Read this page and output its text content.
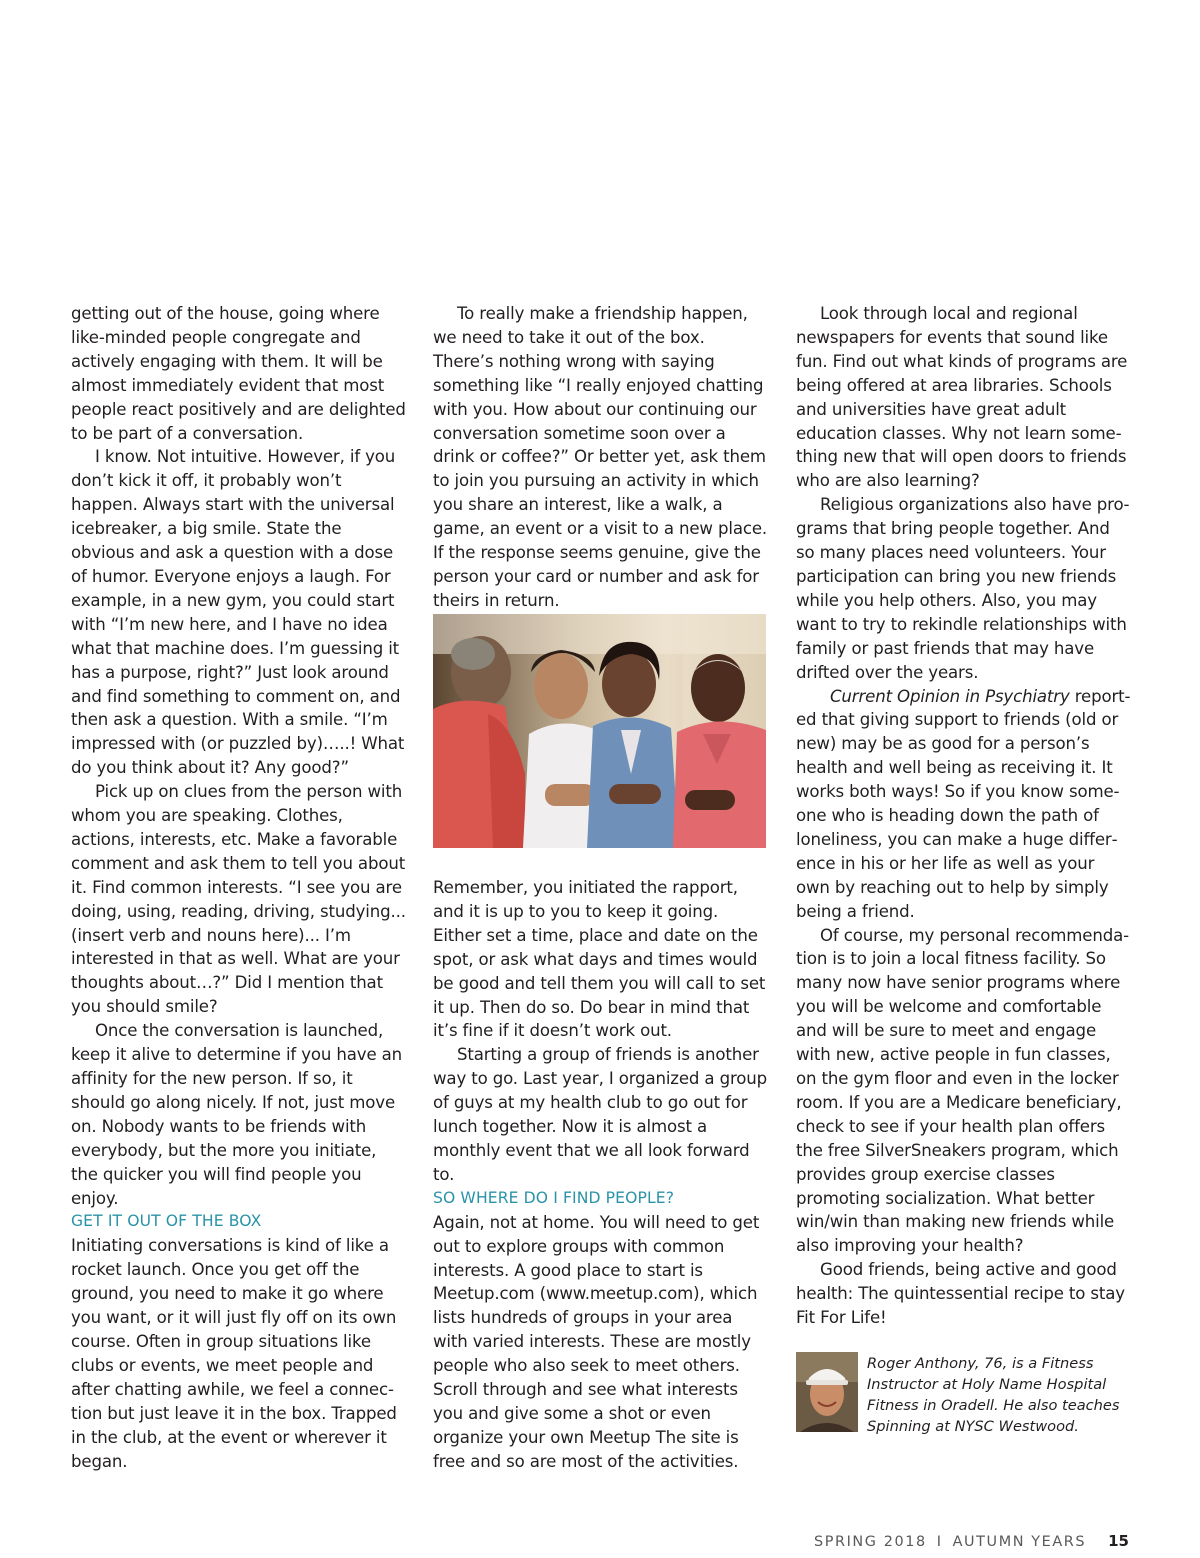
getting out of the house, going where like-minded people congregate and actively engaging with them. It will be almost immediately evident that most people react positively and are delighted to be part of a conversation.

I know. Not intuitive. However, if you don’t kick it off, it probably won’t happen. Always start with the universal icebreaker, a big smile. State the obvious and ask a question with a dose of humor. Everyone enjoys a laugh. For example, in a new gym, you could start with “I’m new here, and I have no idea what that machine does. I’m guessing it has a purpose, right?” Just look around and find something to comment on, and then ask a question. With a smile. “I’m impressed with (or puzzled by)…..! What do you think about it? Any good?”

Pick up on clues from the person with whom you are speaking. Clothes, actions, interests, etc. Make a favorable comment and ask them to tell you about it. Find common interests. “I see you are doing, using, reading, driving, studying... (insert verb and nouns here)... I’m interested in that as well. What are your thoughts about…?” Did I mention that you should smile?

Once the conversation is launched, keep it alive to determine if you have an affinity for the new person. If so, it should go along nicely. If not, just move on. Nobody wants to be friends with everybody, but the more you initiate, the quicker you will find people you enjoy.

GET IT OUT OF THE BOX

Initiating conversations is kind of like a rocket launch. Once you get off the ground, you need to make it go where you want, or it will just fly off on its own course. Often in group situations like clubs or events, we meet people and after chatting awhile, we feel a connection but just leave it in the box. Trapped in the club, at the event or wherever it began.

To really make a friendship happen, we need to take it out of the box. There’s nothing wrong with saying something like “I really enjoyed chatting with you. How about our continuing our conversation sometime soon over a drink or coffee?” Or better yet, ask them to join you pursuing an activity in which you share an interest, like a walk, a game, an event or a visit to a new place. If the response seems genuine, give the person your card or number and ask for theirs in return.

Remember, you initiated the rapport, and it is up to you to keep it going. Either set a time, place and date on the spot, or ask what days and times would be good and tell them you will call to set it up. Then do so. Do bear in mind that it’s fine if it doesn’t work out.

Starting a group of friends is another way to go. Last year, I organized a group of guys at my health club to go out for lunch together. Now it is almost a monthly event that we all look forward to.

SO WHERE DO I FIND PEOPLE?

Again, not at home. You will need to get out to explore groups with common interests. A good place to start is Meetup.com (www.meetup.com), which lists hundreds of groups in your area with varied interests. These are mostly people who also seek to meet others. Scroll through and see what interests you and give some a shot or even organize your own Meetup The site is free and so are most of the activities.

Look through local and regional newspapers for events that sound like fun. Find out what kinds of programs are being offered at area libraries. Schools and universities have great adult education classes. Why not learn something new that will open doors to friends who are also learning?

Religious organizations also have programs that bring people together. And so many places need volunteers. Your participation can bring you new friends while you help others. Also, you may want to try to rekindle relationships with family or past friends that may have drifted over the years.

Current Opinion in Psychiatry reported that giving support to friends (old or new) may be as good for a person’s health and well being as receiving it. It works both ways! So if you know someone who is heading down the path of loneliness, you can make a huge difference in his or her life as well as your own by reaching out to help by simply being a friend.

Of course, my personal recommendation is to join a local fitness facility. So many now have senior programs where you will be welcome and comfortable and will be sure to meet and engage with new, active people in fun classes, on the gym floor and even in the locker room. If you are a Medicare beneficiary, check to see if your health plan offers the free SilverSneakers program, which provides group exercise classes promoting socialization. What better win/win than making new friends while also improving your health?

Good friends, being active and good health: The quintessential recipe to stay Fit For Life!

Roger Anthony, 76, is a Fitness Instructor at Holy Name Hospital Fitness in Oradell. He also teaches Spinning at NYSC Westwood.
SPRING 2018 I AUTUMN YEARS 15
